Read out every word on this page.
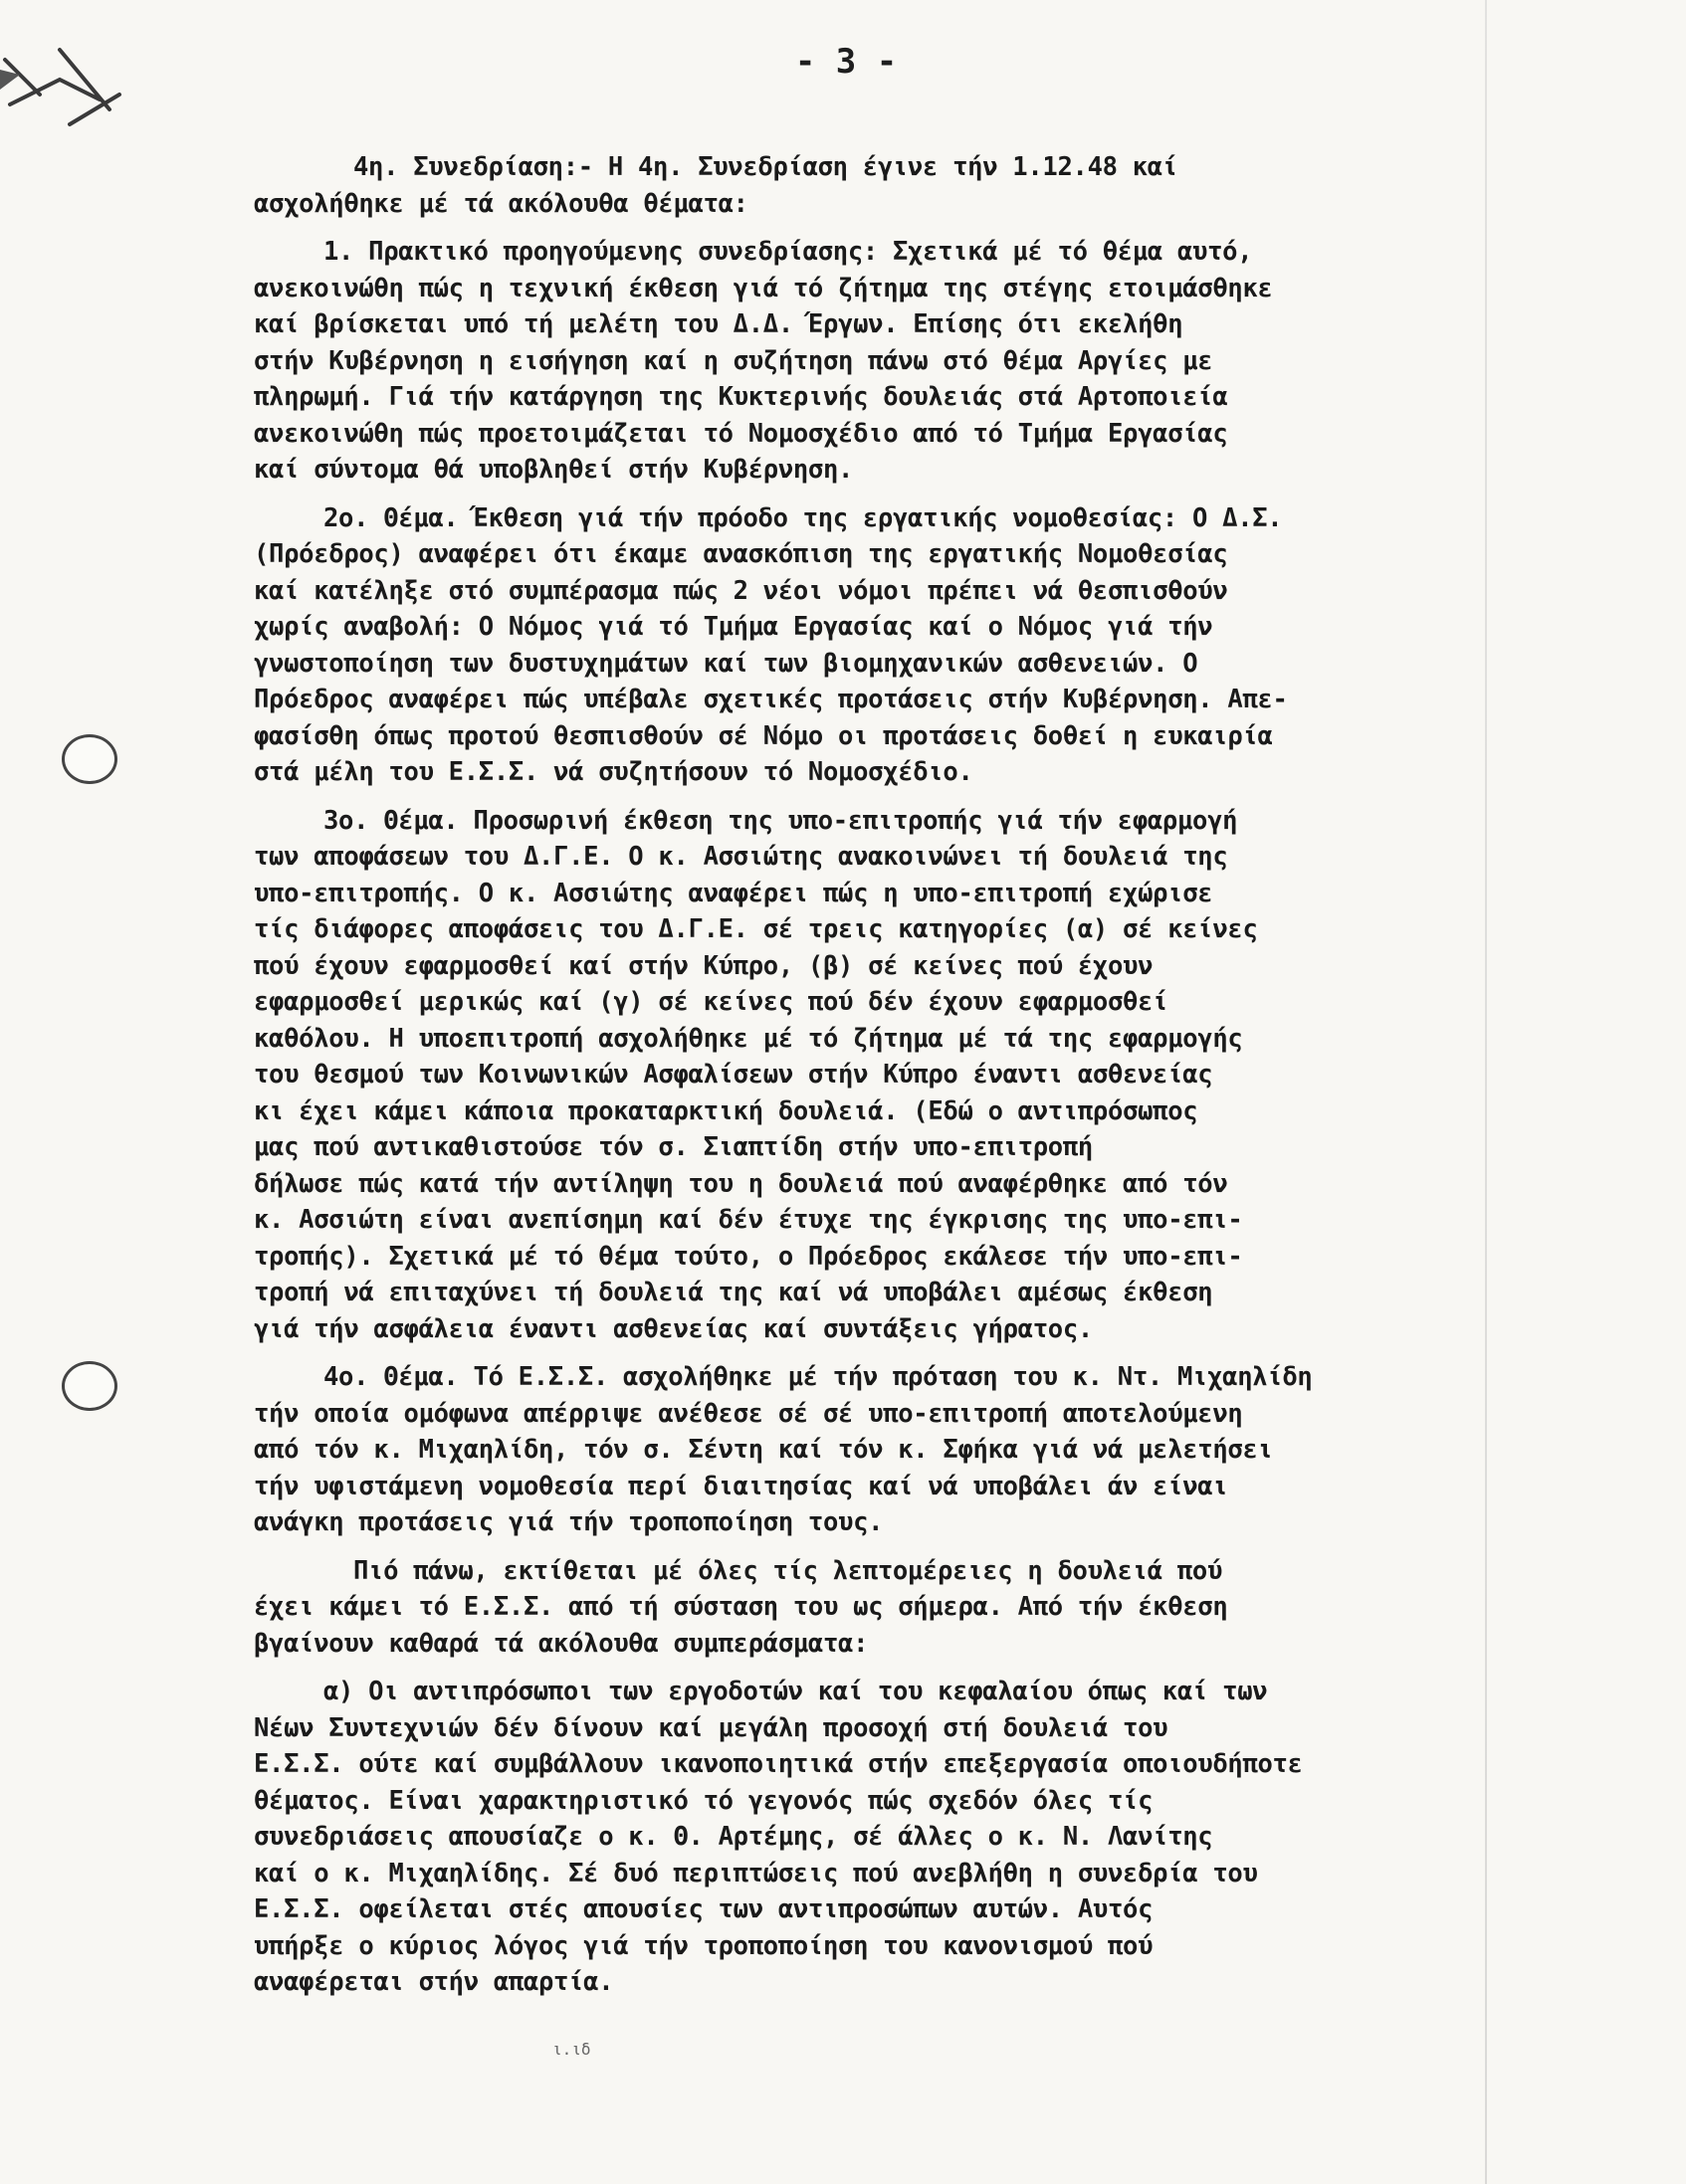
- 3 -
4η. Συνεδρίαση:- Η 4η. Συνεδρίαση έγινε τήν 1.12.48 καί
ασχολήθηκε μέ τά ακόλουθα θέματα:
1. Πρακτικό προηγούμενης συνεδρίασης: Σχετικά μέ τό θέμα αυτό,
ανεκοινώθη πώς η τεχνική έκθεση γιά τό ζήτημα της στέγης ετοιμάσθηκε
καί βρίσκεται υπό τή μελέτη του Δ.Δ. Έργων. Επίσης ότι εκελήθη
στήν Κυβέρνηση η εισήγηση καί η συζήτηση πάνω στό θέμα Αργίες με
πληρωμή. Γιά τήν κατάργηση της Κυκτερινής δουλειάς στά Αρτοποιεία
ανεκοινώθη πώς προετοιμάζεται τό Νομοσχέδιο από τό Τμήμα Εργασίας
καί σύντομα θά υποβληθεί στήν Κυβέρνηση.
2ο. Θέμα. Έκθεση γιά τήν πρόοδο της εργατικής νομοθεσίας: Ο Δ.Σ.
(Πρόεδρος) αναφέρει ότι έκαμε ανασκόπιση της εργατικής Νομοθεσίας
καί κατέληξε στό συμπέρασμα πώς 2 νέοι νόμοι πρέπει νά θεσπισθούν
χωρίς αναβολή: Ο Νόμος γιά τό Τμήμα Εργασίας καί ο Νόμος γιά τήν
γνωστοποίηση των δυστυχημάτων καί των βιομηχανικών ασθενειών. Ο
Πρόεδρος αναφέρει πώς υπέβαλε σχετικές προτάσεις στήν Κυβέρνηση. Απε-
φασίσθη όπως προτού θεσπισθούν σέ Νόμο οι προτάσεις δοθεί η ευκαιρία
στά μέλη του Ε.Σ.Σ. νά συζητήσουν τό Νομοσχέδιο.
3ο. Θέμα. Προσωρινή έκθεση της υπο-επιτροπής γιά τήν εφαρμογή
των αποφάσεων του Δ.Γ.Ε. Ο κ. Ασσιώτης ανακοινώνει τή δουλειά της
υπο-επιτροπής. Ο κ. Ασσιώτης αναφέρει πώς η υπο-επιτροπή εχώρισε
τίς διάφορες αποφάσεις του Δ.Γ.Ε. σέ τρεις κατηγορίες (α) σέ κείνες
πού έχουν εφαρμοσθεί καί στήν Κύπρο, (β) σέ κείνες πού έχουν
εφαρμοσθεί μερικώς καί (γ) σέ κείνες πού δέν έχουν εφαρμοσθεί
καθόλου. Η υποεπιτροπή ασχολήθηκε μέ τό ζήτημα μέ τά της εφαρμογής
του θεσμού των Κοινωνικών Ασφαλίσεων στήν Κύπρο έναντι ασθενείας
κι έχει κάμει κάποια προκαταρκτική δουλειά. (Εδώ ο αντιπρόσωπος
μας πού αντικαθιστούσε τόν σ. Σιαπτίδη στήν υπο-επιτροπή
δήλωσε πώς κατά τήν αντίληψη του η δουλειά πού αναφέρθηκε από τόν
κ. Ασσιώτη είναι ανεπίσημη καί δέν έτυχε της έγκρισης της υπο-επι-
τροπής). Σχετικά μέ τό θέμα τούτο, ο Πρόεδρος εκάλεσε τήν υπο-επι-
τροπή νά επιταχύνει τή δουλειά της καί νά υποβάλει αμέσως έκθεση
γιά τήν ασφάλεια έναντι ασθενείας καί συντάξεις γήρατος.
4ο. Θέμα. Τό Ε.Σ.Σ. ασχολήθηκε μέ τήν πρόταση του κ. Ντ. Μιχαηλίδη
τήν οποία ομόφωνα απέρριψε ανέθεσε σέ σέ υπο-επιτροπή αποτελούμενη
από τόν κ. Μιχαηλίδη, τόν σ. Σέντη καί τόν κ. Σφήκα γιά νά μελετήσει
τήν υφιστάμενη νομοθεσία περί διαιτησίας καί νά υποβάλει άν είναι
ανάγκη προτάσεις γιά τήν τροποποίηση τους.
Πιό πάνω, εκτίθεται μέ όλες τίς λεπτομέρειες η δουλειά πού
έχει κάμει τό Ε.Σ.Σ. από τή σύσταση του ως σήμερα. Από τήν έκθεση
βγαίνουν καθαρά τά ακόλουθα συμπεράσματα:
α) Οι αντιπρόσωποι των εργοδοτών καί του κεφαλαίου όπως καί των
Νέων Συντεχνιών δέν δίνουν καί μεγάλη προσοχή στή δουλειά του
Ε.Σ.Σ. ούτε καί συμβάλλουν ικανοποιητικά στήν επεξεργασία οποιουδήποτε
θέματος. Είναι χαρακτηριστικό τό γεγονός πώς σχεδόν όλες τίς
συνεδριάσεις απουσίαζε ο κ. Θ. Αρτέμης, σέ άλλες ο κ. Ν. Λανίτης
καί ο κ. Μιχαηλίδης. Σέ δυό περιπτώσεις πού ανεβλήθη η συνεδρία του
Ε.Σ.Σ. οφείλεται στές απουσίες των αντιπροσώπων αυτών. Αυτός
υπήρξε ο κύριος λόγος γιά τήν τροποποίηση του κανονισμού πού
αναφέρεται στήν απαρτία.
ι.ιδ
